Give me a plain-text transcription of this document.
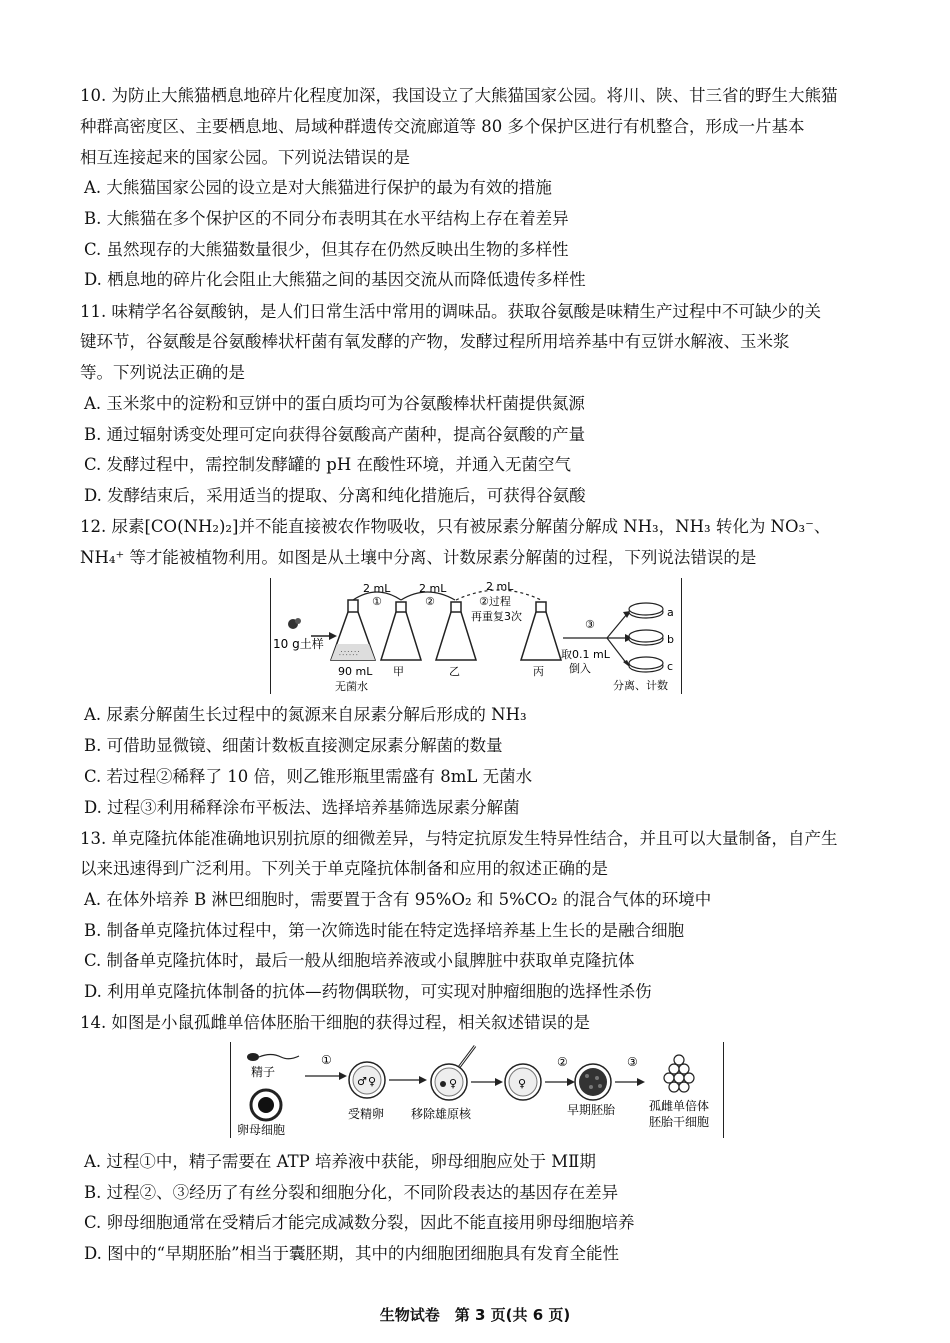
10. 为防止大熊猫栖息地碎片化程度加深，我国设立了大熊猫国家公园。将川、陕、甘三省的野生大熊猫
种群高密度区、主要栖息地、局域种群遗传交流廊道等 80 多个保护区进行有机整合，形成一片基本
相互连接起来的国家公园。下列说法错误的是
A. 大熊猫国家公园的设立是对大熊猫进行保护的最为有效的措施
B. 大熊猫在多个保护区的不同分布表明其在水平结构上存在着差异
C. 虽然现存的大熊猫数量很少，但其存在仍然反映出生物的多样性
D. 栖息地的碎片化会阻止大熊猫之间的基因交流从而降低遗传多样性
11. 味精学名谷氨酸钠，是人们日常生活中常用的调味品。获取谷氨酸是味精生产过程中不可缺少的关
键环节，谷氨酸是谷氨酸棒状杆菌有氧发酵的产物，发酵过程所用培养基中有豆饼水解液、玉米浆
等。下列说法正确的是
A. 玉米浆中的淀粉和豆饼中的蛋白质均可为谷氨酸棒状杆菌提供氮源
B. 通过辐射诱变处理可定向获得谷氨酸高产菌种，提高谷氨酸的产量
C. 发酵过程中，需控制发酵罐的 pH 在酸性环境，并通入无菌空气
D. 发酵结束后，采用适当的提取、分离和纯化措施后，可获得谷氨酸
12. 尿素[CO(NH₂)₂]并不能直接被农作物吸收，只有被尿素分解菌分解成 NH₃，NH₃ 转化为 NO₃⁻、
NH₄⁺ 等才能被植物利用。如图是从土壤中分离、计数尿素分解菌的过程，下列说法错误的是
10 g土样
∴∵∴∵
90 mL
无菌水
2 mL
①
甲
2 mL
②
乙
2 mL
②过程
再重复3次
丙
③
取0.1 mL
倒入
a
b
c
分离、计数
A. 尿素分解菌生长过程中的氮源来自尿素分解后形成的 NH₃
B. 可借助显微镜、细菌计数板直接测定尿素分解菌的数量
C. 若过程②稀释了 10 倍，则乙锥形瓶里需盛有 8mL 无菌水
D. 过程③利用稀释涂布平板法、选择培养基筛选尿素分解菌
13. 单克隆抗体能准确地识别抗原的细微差异，与特定抗原发生特异性结合，并且可以大量制备，自产生
以来迅速得到广泛利用。下列关于单克隆抗体制备和应用的叙述正确的是
A. 在体外培养 B 淋巴细胞时，需要置于含有 95%O₂ 和 5%CO₂ 的混合气体的环境中
B. 制备单克隆抗体过程中，第一次筛选时能在特定选择培养基上生长的是融合细胞
C. 制备单克隆抗体时，最后一般从细胞培养液或小鼠脾脏中获取单克隆抗体
D. 利用单克隆抗体制备的抗体—药物偶联物，可实现对肿瘤细胞的选择性杀伤
14. 如图是小鼠孤雌单倍体胚胎干细胞的获得过程，相关叙述错误的是
精子
卵母细胞
①
♂ ♀
受精卵
♀
移除雄原核
♀
②
早期胚胎
③
孤雌单倍体
胚胎干细胞
A. 过程①中，精子需要在 ATP 培养液中获能，卵母细胞应处于 MⅡ期
B. 过程②、③经历了有丝分裂和细胞分化，不同阶段表达的基因存在差异
C. 卵母细胞通常在受精后才能完成减数分裂，因此不能直接用卵母细胞培养
D. 图中的“早期胚胎”相当于囊胚期，其中的内细胞团细胞具有发育全能性
生物试卷　第 3 页(共 6 页)
